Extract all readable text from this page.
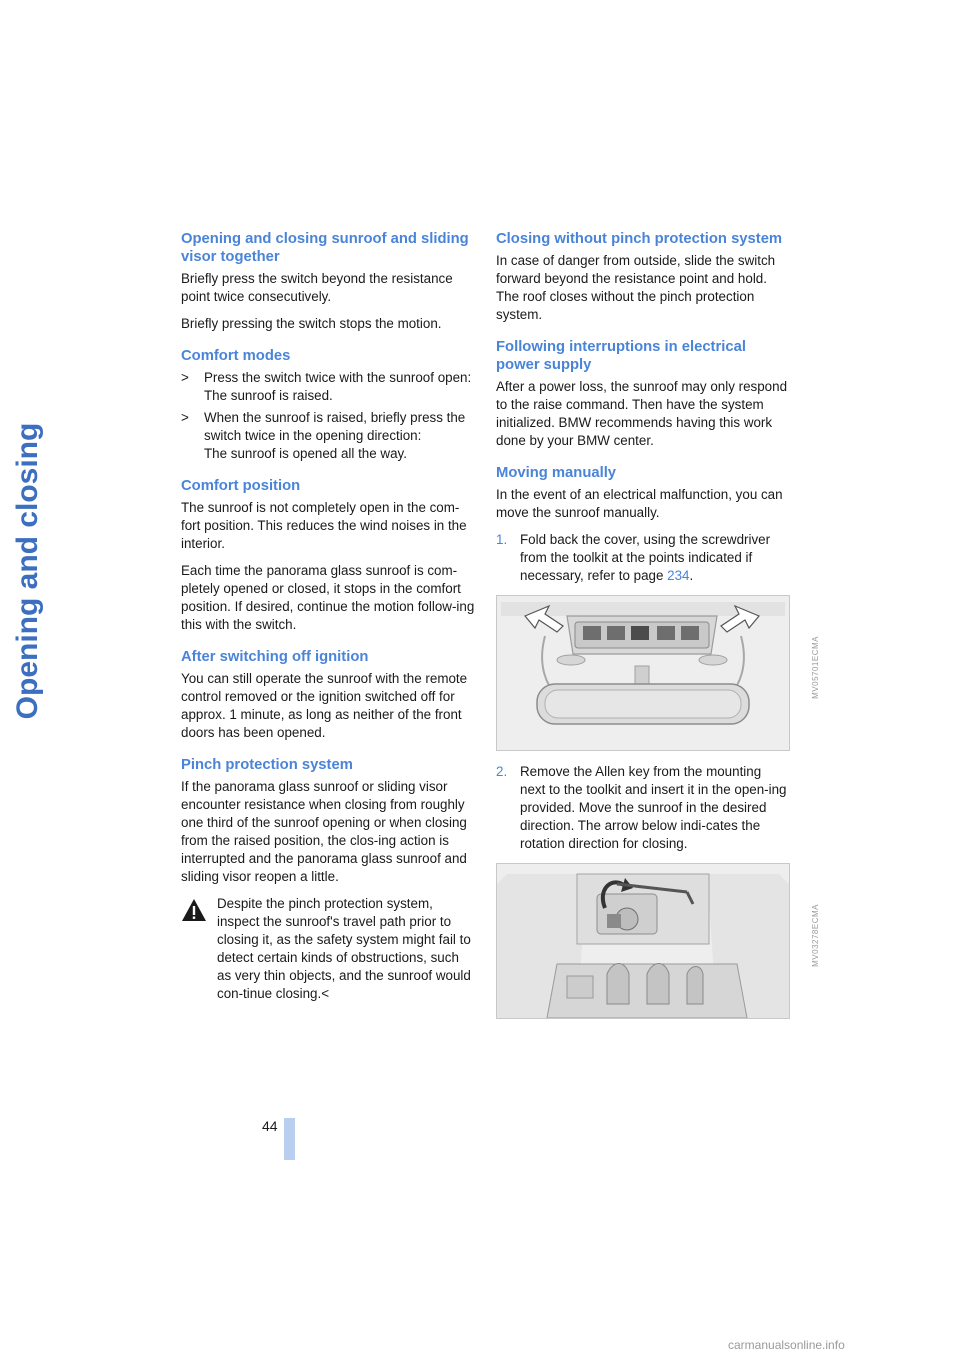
Opening and closing
Opening and closing sunroof and sliding visor together

Briefly press the switch beyond the resistance point twice consecutively.

Briefly pressing the switch stops the motion.

Comfort modes
> Press the switch twice with the sunroof open:
The sunroof is raised.
> When the sunroof is raised, briefly press the switch twice in the opening direction:
The sunroof is opened all the way.
Comfort position

The sunroof is not completely open in the com-fort position. This reduces the wind noises in the interior.

Each time the panorama glass sunroof is com-pletely opened or closed, it stops in the comfort position. If desired, continue the motion follow-ing this with the switch.

After switching off ignition

You can still operate the sunroof with the remote control removed or the ignition switched off for approx. 1 minute, as long as neither of the front doors has been opened.

Pinch protection system

If the panorama glass sunroof or sliding visor encounter resistance when closing from roughly one third of the sunroof opening or when closing from the raised position, the clos-ing action is interrupted and the panorama glass sunroof and sliding visor reopen a little.

Despite the pinch protection system, inspect the sunroof's travel path prior to closing it, as the safety system might fail to detect certain kinds of obstructions, such as very thin objects, and the sunroof would con-tinue closing.<
Closing without pinch protection system

In case of danger from outside, slide the switch forward beyond the resistance point and hold. The roof closes without the pinch protection system.

Following interruptions in electrical power supply

After a power loss, the sunroof may only respond to the raise command. Then have the system initialized. BMW recommends having this work done by your BMW center.

Moving manually

In the event of an electrical malfunction, you can move the sunroof manually.

1. Fold back the cover, using the screwdriver from the toolkit at the points indicated if necessary, refer to page 234.
MV05701ECMA
2. Remove the Allen key from the mounting next to the toolkit and insert it in the open-ing provided. Move the sunroof in the desired direction. The arrow below indi-cates the rotation direction for closing.
MV03278ECMA
44
carmanualsonline.info
